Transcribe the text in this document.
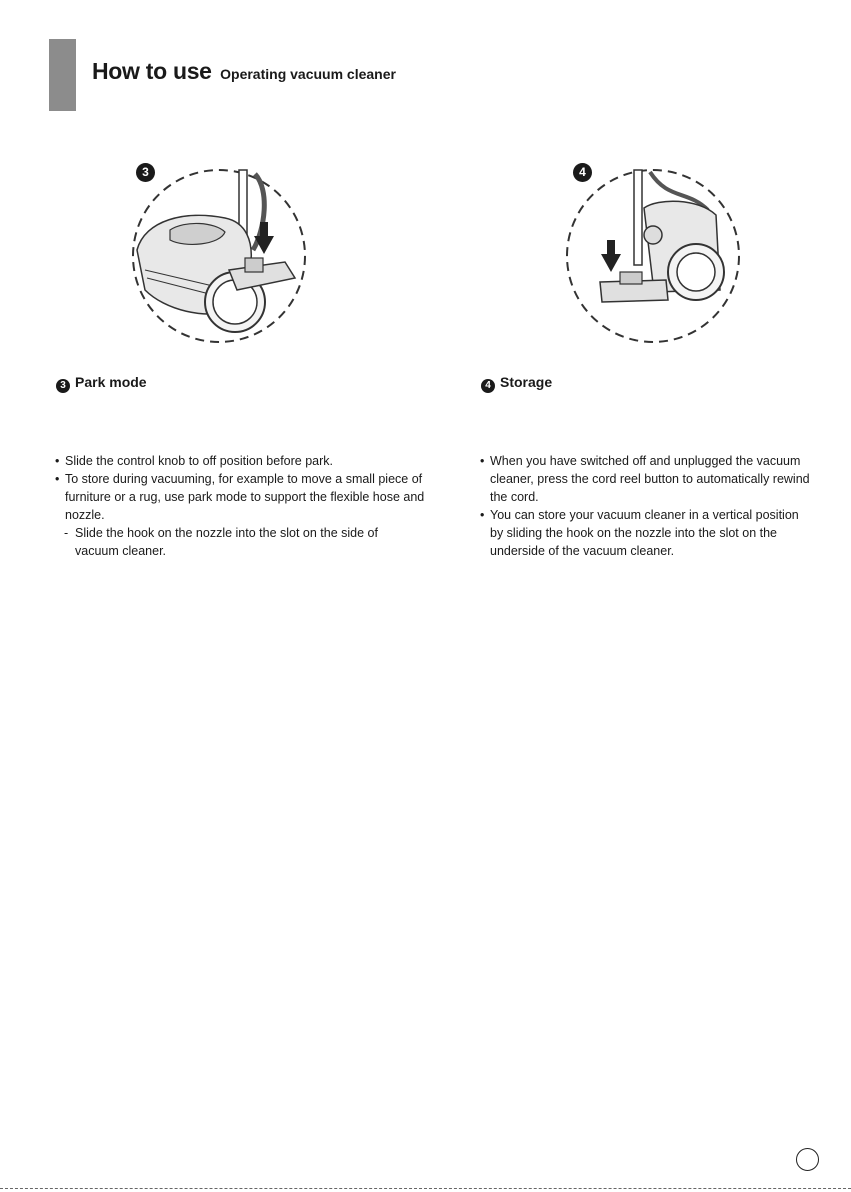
How to use Operating vacuum cleaner
3	4
3 Park mode	4 Storage
• Slide the control knob to off position before park.
• To store during vacuuming, for example to move a small piece of furniture or a rug, use park mode to support the flexible hose and nozzle.
- Slide the hook on the nozzle into the slot on the side of vacuum cleaner.
• When you have switched off and unplugged the vacuum cleaner, press the cord reel button to automatically rewind the cord.
• You can store your vacuum cleaner in a vertical position by sliding the hook on the nozzle into the slot on the underside of the vacuum cleaner.
